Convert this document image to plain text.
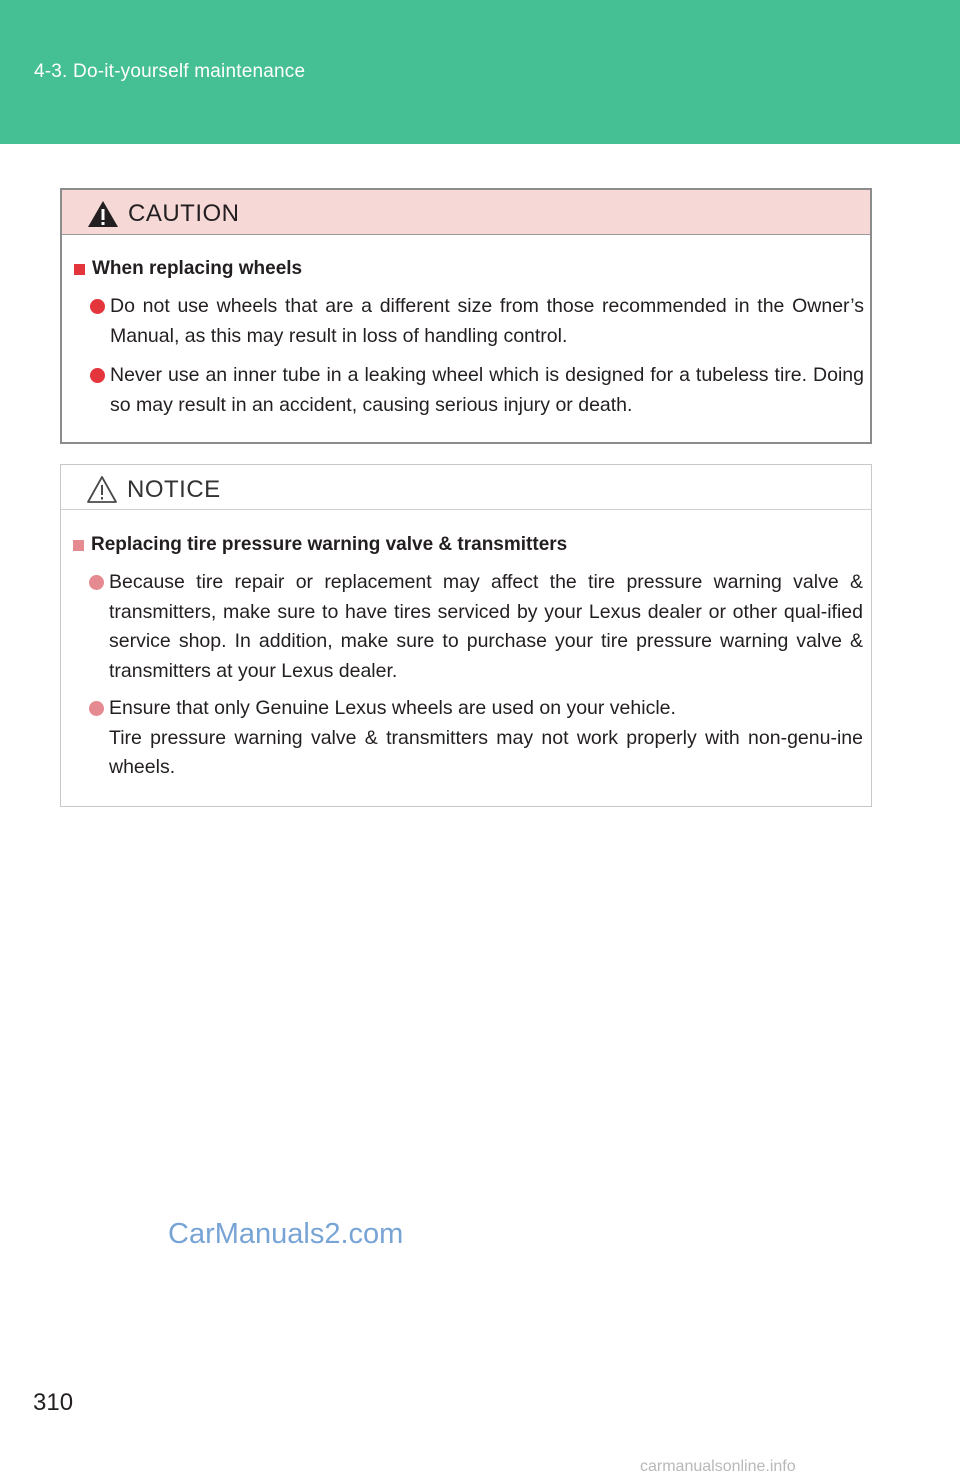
4-3. Do-it-yourself maintenance
CAUTION
When replacing wheels
Do not use wheels that are a different size from those recommended in the Owner’s Manual, as this may result in loss of handling control.
Never use an inner tube in a leaking wheel which is designed for a tubeless tire. Doing so may result in an accident, causing serious injury or death.
NOTICE
Replacing tire pressure warning valve & transmitters
Because tire repair or replacement may affect the tire pressure warning valve & transmitters, make sure to have tires serviced by your Lexus dealer or other qual-ified service shop. In addition, make sure to purchase your tire pressure warning valve & transmitters at your Lexus dealer.
Ensure that only Genuine Lexus wheels are used on your vehicle.
Tire pressure warning valve & transmitters may not work properly with non-genu-ine wheels.
CarManuals2.com
310
carmanualsonline.info
